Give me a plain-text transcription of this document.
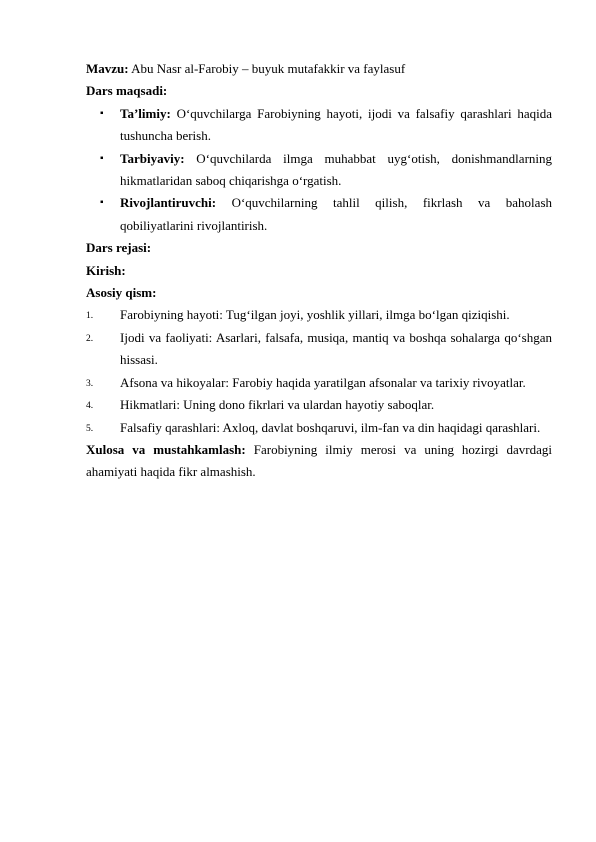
Mavzu: Abu Nasr al-Farobiy – buyuk mutafakkir va faylasuf

Dars maqsadi:

▪ Ta’limiy: O‘quvchilarga Farobiyning hayoti, ijodi va falsafiy qarashlari haqida tushuncha berish.
▪ Tarbiyaviy: O‘quvchilarda ilmga muhabbat uyg‘otish, donishmandlarning hikmatlaridan saboq chiqarishga o‘rgatish.
▪ Rivojlantiruvchi: O‘quvchilarning tahlil qilish, fikrlash va baholash qobiliyatlarini rivojlantirish.

Dars rejasi:

Kirish:

Asosiy qism:

1. Farobiyning hayoti: Tug‘ilgan joyi, yoshlik yillari, ilmga bo‘lgan qiziqishi.
2. Ijodi va faoliyati: Asarlari, falsafa, musiqa, mantiq va boshqa sohalarga qo‘shgan hissasi.
3. Afsona va hikoyalar: Farobiy haqida yaratilgan afsonalar va tarixiy rivoyatlar.
4. Hikmatlari: Uning dono fikrlari va ulardan hayotiy saboqlar.
5. Falsafiy qarashlari: Axloq, davlat boshqaruvi, ilm-fan va din haqidagi qarashlari.

Xulosa va mustahkamlash: Farobiyning ilmiy merosi va uning hozirgi davrdagi ahamiyati haqida fikr almashish.
